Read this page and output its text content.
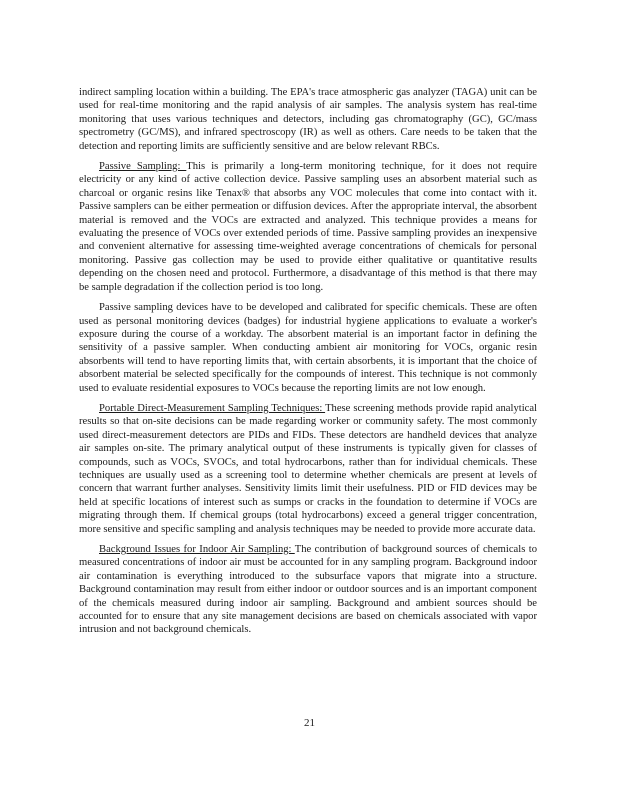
indirect sampling location within a building. The EPA's trace atmospheric gas analyzer (TAGA) unit can be used for real-time monitoring and the rapid analysis of air samples. The analysis system has real-time monitoring that uses various techniques and detectors, including gas chromatography (GC), GC/mass spectrometry (GC/MS), and infrared spectroscopy (IR) as well as others. Care needs to be taken that the detection and reporting limits are sufficiently sensitive and are below relevant RBCs.

Passive Sampling: This is primarily a long-term monitoring technique, for it does not require electricity or any kind of active collection device. Passive sampling uses an absorbent material such as charcoal or organic resins like Tenax® that absorbs any VOC molecules that come into contact with it. Passive samplers can be either permeation or diffusion devices. After the appropriate interval, the absorbent material is removed and the VOCs are extracted and analyzed. This technique provides a means for evaluating the presence of VOCs over extended periods of time. Passive sampling provides an inexpensive and convenient alternative for assessing time-weighted average concentrations of chemicals for personal monitoring. Passive gas collection may be used to provide either qualitative or quantitative results depending on the chosen need and protocol. Furthermore, a disadvantage of this method is that there may be sample degradation if the collection period is too long.

Passive sampling devices have to be developed and calibrated for specific chemicals. These are often used as personal monitoring devices (badges) for industrial hygiene applications to evaluate a worker's exposure during the course of a workday. The absorbent material is an important factor in defining the sensitivity of a passive sampler. When conducting ambient air monitoring for VOCs, organic resin absorbents will tend to have reporting limits that, with certain absorbents, it is important that the choice of absorbent material be selected specifically for the compounds of interest. This technique is not commonly used to evaluate residential exposures to VOCs because the reporting limits are not low enough.

Portable Direct-Measurement Sampling Techniques: These screening methods provide rapid analytical results so that on-site decisions can be made regarding worker or community safety. The most commonly used direct-measurement detectors are PIDs and FIDs. These detectors are handheld devices that analyze air samples on-site. The primary analytical output of these instruments is typically given for classes of compounds, such as VOCs, SVOCs, and total hydrocarbons, rather than for individual chemicals. These techniques are usually used as a screening tool to determine whether chemicals are present at levels of concern that warrant further analyses. Sensitivity limits limit their usefulness. PID or FID devices may be held at specific locations of interest such as sumps or cracks in the foundation to determine if VOCs are migrating through them. If chemical groups (total hydrocarbons) exceed a general trigger concentration, more sensitive and specific sampling and analysis techniques may be needed to provide more accurate data.

Background Issues for Indoor Air Sampling: The contribution of background sources of chemicals to measured concentrations of indoor air must be accounted for in any sampling program. Background indoor air contamination is everything introduced to the subsurface vapors that migrate into a structure. Background contamination may result from either indoor or outdoor sources and is an important component of the chemicals measured during indoor air sampling. Background and ambient sources should be accounted for to ensure that any site management decisions are based on chemicals associated with vapor intrusion and not background chemicals.

21
